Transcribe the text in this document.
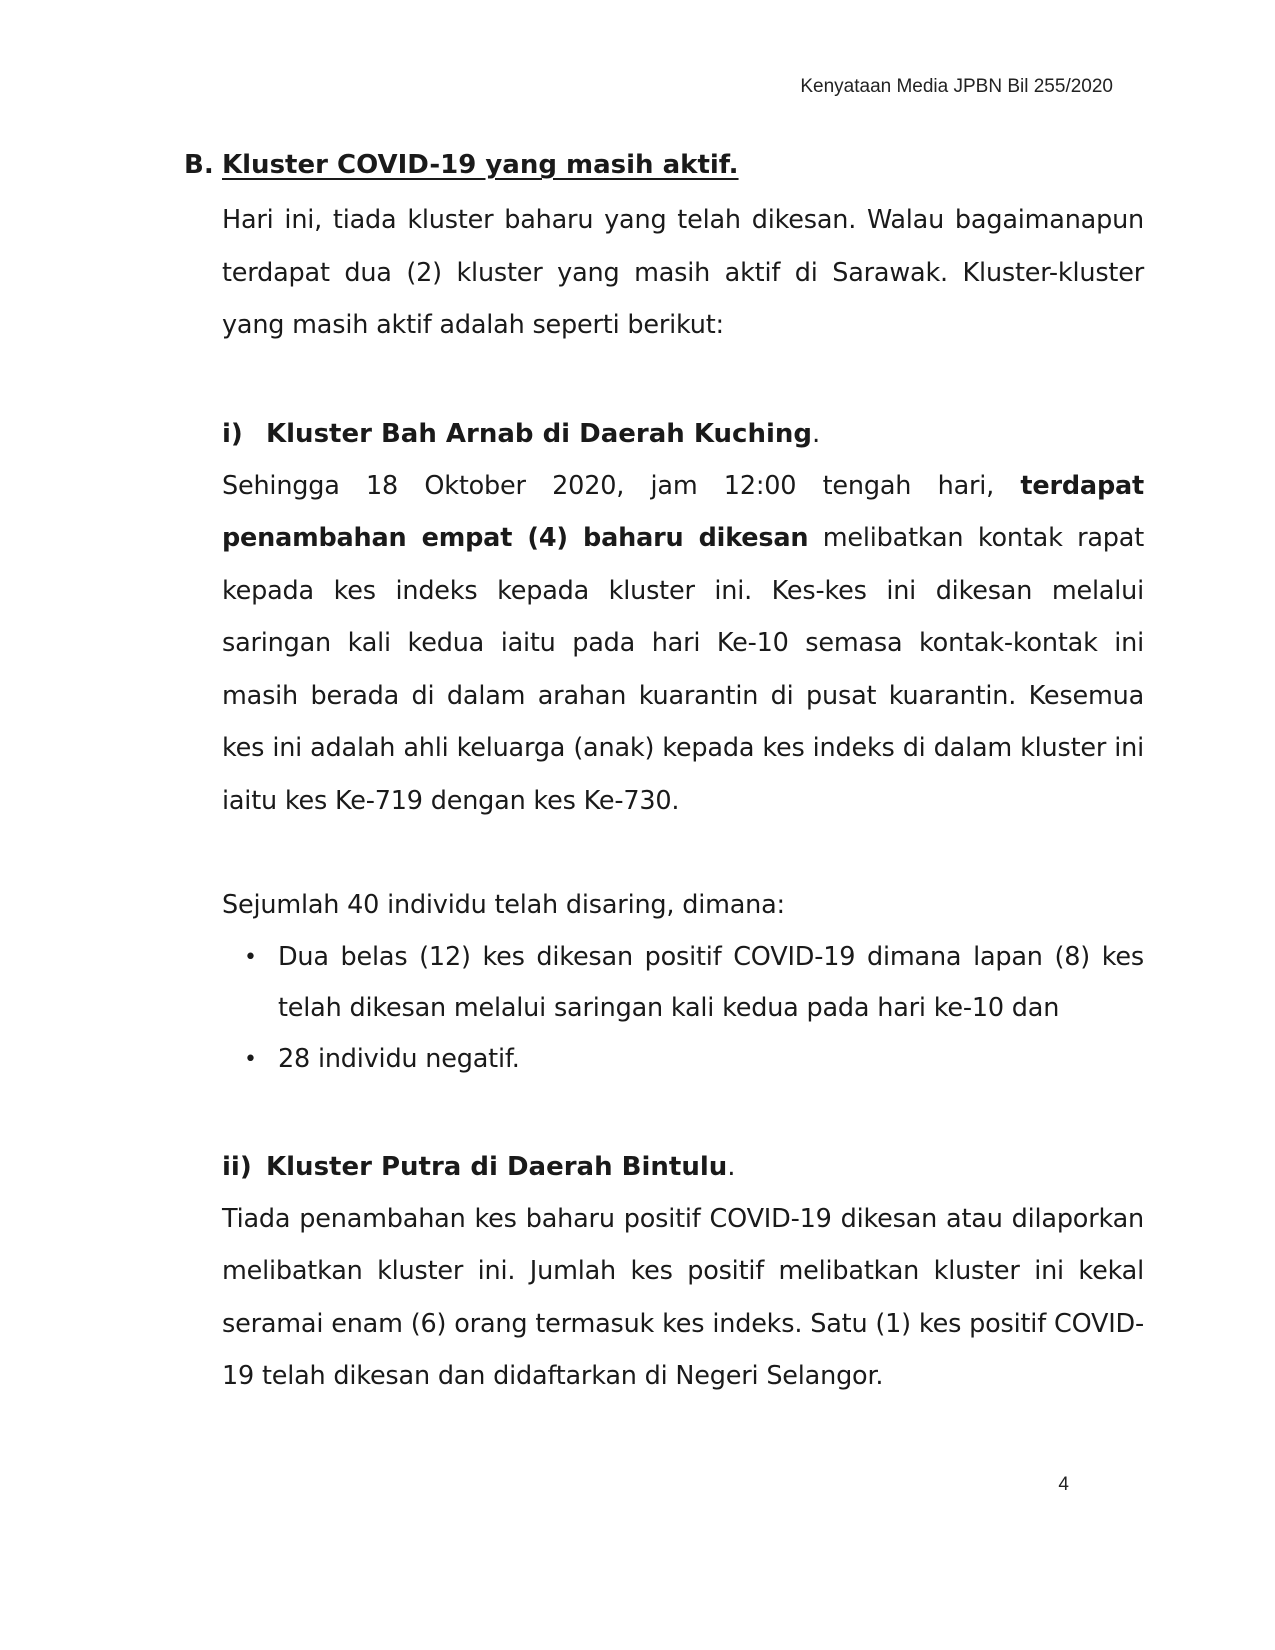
Kenyataan Media JPBN Bil 255/2020
B. Kluster COVID-19 yang masih aktif.

Hari ini, tiada kluster baharu yang telah dikesan. Walau bagaimanapun terdapat dua (2) kluster yang masih aktif di Sarawak. Kluster-kluster yang masih aktif adalah seperti berikut:

i) Kluster Bah Arnab di Daerah Kuching.

Sehingga 18 Oktober 2020, jam 12:00 tengah hari, terdapat penambahan empat (4) baharu dikesan melibatkan kontak rapat kepada kes indeks kepada kluster ini. Kes-kes ini dikesan melalui saringan kali kedua iaitu pada hari Ke-10 semasa kontak-kontak ini masih berada di dalam arahan kuarantin di pusat kuarantin. Kesemua kes ini adalah ahli keluarga (anak) kepada kes indeks di dalam kluster ini iaitu kes Ke-719 dengan kes Ke-730.

Sejumlah 40 individu telah disaring, dimana:

• Dua belas (12) kes dikesan positif COVID-19 dimana lapan (8) kes telah dikesan melalui saringan kali kedua pada hari ke-10 dan
• 28 individu negatif.
ii) Kluster Putra di Daerah Bintulu.

Tiada penambahan kes baharu positif COVID-19 dikesan atau dilaporkan melibatkan kluster ini. Jumlah kes positif melibatkan kluster ini kekal seramai enam (6) orang termasuk kes indeks. Satu (1) kes positif COVID-19 telah dikesan dan didaftarkan di Negeri Selangor.

4
